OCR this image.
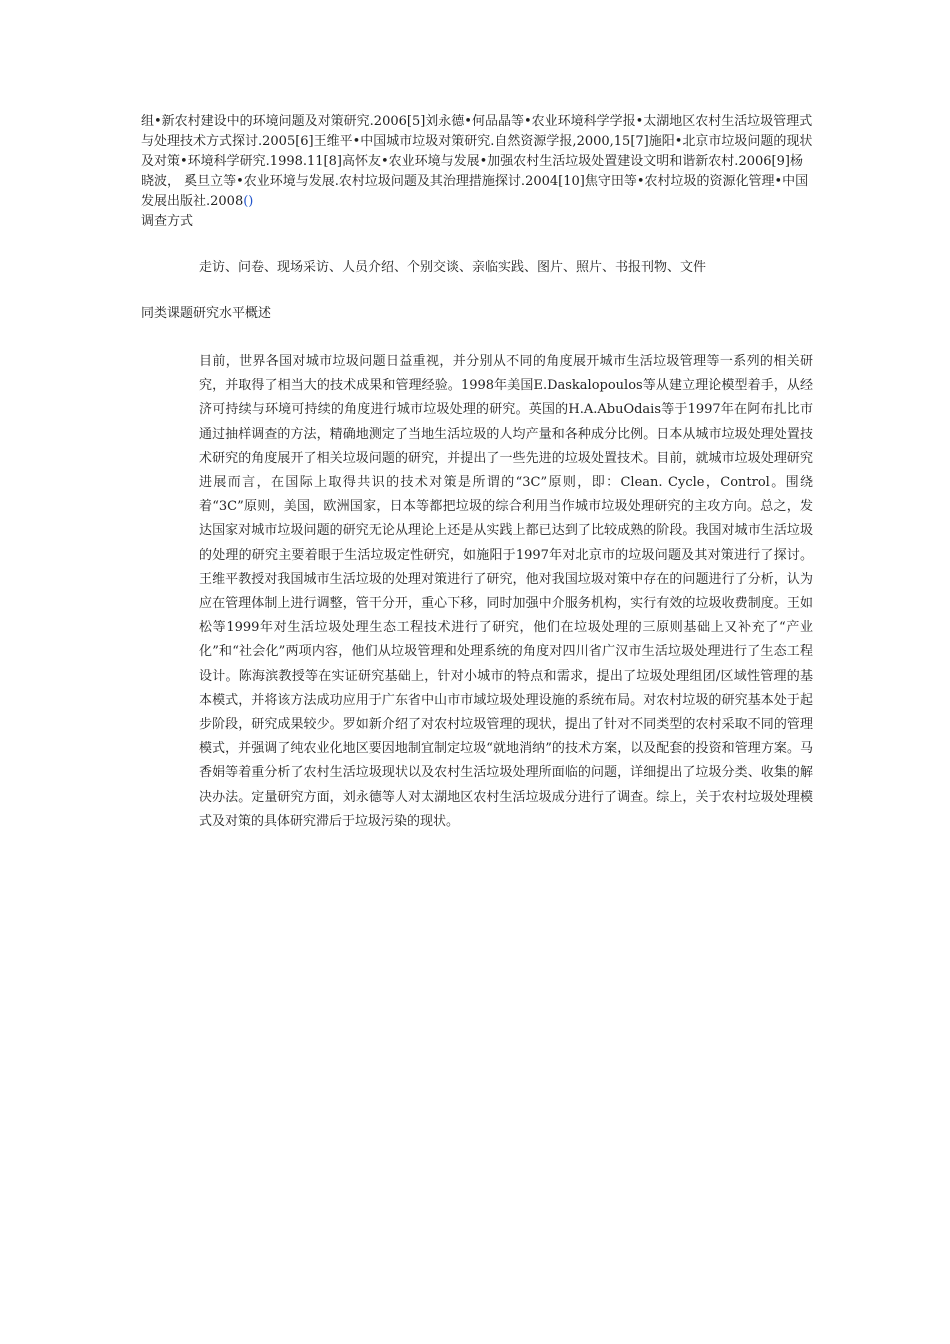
组•新农村建设中的环境问题及对策研究.2006[5]刘永德•何品晶等•农业环境科学学报•太湖地区农村生活垃圾管理式与处理技术方式探讨.2005[6]王维平•中国城市垃圾对策研究.自然资源学报,2000,15[7]施阳•北京市垃圾问题的现状及对策•环境科学研究.1998.11[8]高怀友•农业环境与发展•加强农村生活垃圾处置建设文明和谐新农村.2006[9]杨晓波， 奚旦立等•农业环境与发展.农村垃圾问题及其治理措施探讨.2004[10]焦守田等•农村垃圾的资源化管理•中国发展出版社.2008()
调查方式
走访、问卷、现场采访、人员介绍、个别交谈、亲临实践、图片、照片、书报刊物、文件
同类课题研究水平概述
目前，世界各国对城市垃圾问题日益重视，并分别从不同的角度展开城市生活垃圾管理等一系列的相关研究，并取得了相当大的技术成果和管理经验。1998年美国E.Daskalopoulos等从建立理论模型着手，从经济可持续与环境可持续的角度进行城市垃圾处理的研究。英国的H.A.AbuOdais等于1997年在阿布扎比市通过抽样调查的方法，精确地测定了当地生活垃圾的人均产量和各种成分比例。日本从城市垃圾处理处置技术研究的角度展开了相关垃圾问题的研究，并提出了一些先进的垃圾处置技术。目前，就城市垃圾处理研究进展而言，在国际上取得共识的技术对策是所谓的“3C”原则，即：Clean. Cycle，Control。围绕着“3C”原则，美国，欧洲国家，日本等都把垃圾的综合利用当作城市垃圾处理研究的主攻方向。总之，发达国家对城市垃圾问题的研究无论从理论上还是从实践上都已达到了比较成熟的阶段。我国对城市生活垃圾的处理的研究主要着眼于生活垃圾定性研究，如施阳于1997年对北京市的垃圾问题及其对策进行了探讨。王维平教授对我国城市生活垃圾的处理对策进行了研究，他对我国垃圾对策中存在的问题进行了分析，认为应在管理体制上进行调整，管干分开，重心下移，同时加强中介服务机构，实行有效的垃圾收费制度。王如松等1999年对生活垃圾处理生态工程技术进行了研究，他们在垃圾处理的三原则基础上又补充了“产业化”和“社会化”两项内容，他们从垃圾管理和处理系统的角度对四川省广汉市生活垃圾处理进行了生态工程设计。陈海滨教授等在实证研究基础上，针对小城市的特点和需求，提出了垃圾处理组团/区域性管理的基本模式，并将该方法成功应用于广东省中山市市域垃圾处理设施的系统布局。对农村垃圾的研究基本处于起步阶段，研究成果较少。罗如新介绍了对农村垃圾管理的现状，提出了针对不同类型的农村采取不同的管理模式，并强调了纯农业化地区要因地制宜制定垃圾“就地消纳”的技术方案，以及配套的投资和管理方案。马香娟等着重分析了农村生活垃圾现状以及农村生活垃圾处理所面临的问题，详细提出了垃圾分类、收集的解决办法。定量研究方面，刘永德等人对太湖地区农村生活垃圾成分进行了调查。综上，关于农村垃圾处理模式及对策的具体研究滞后于垃圾污染的现状。
